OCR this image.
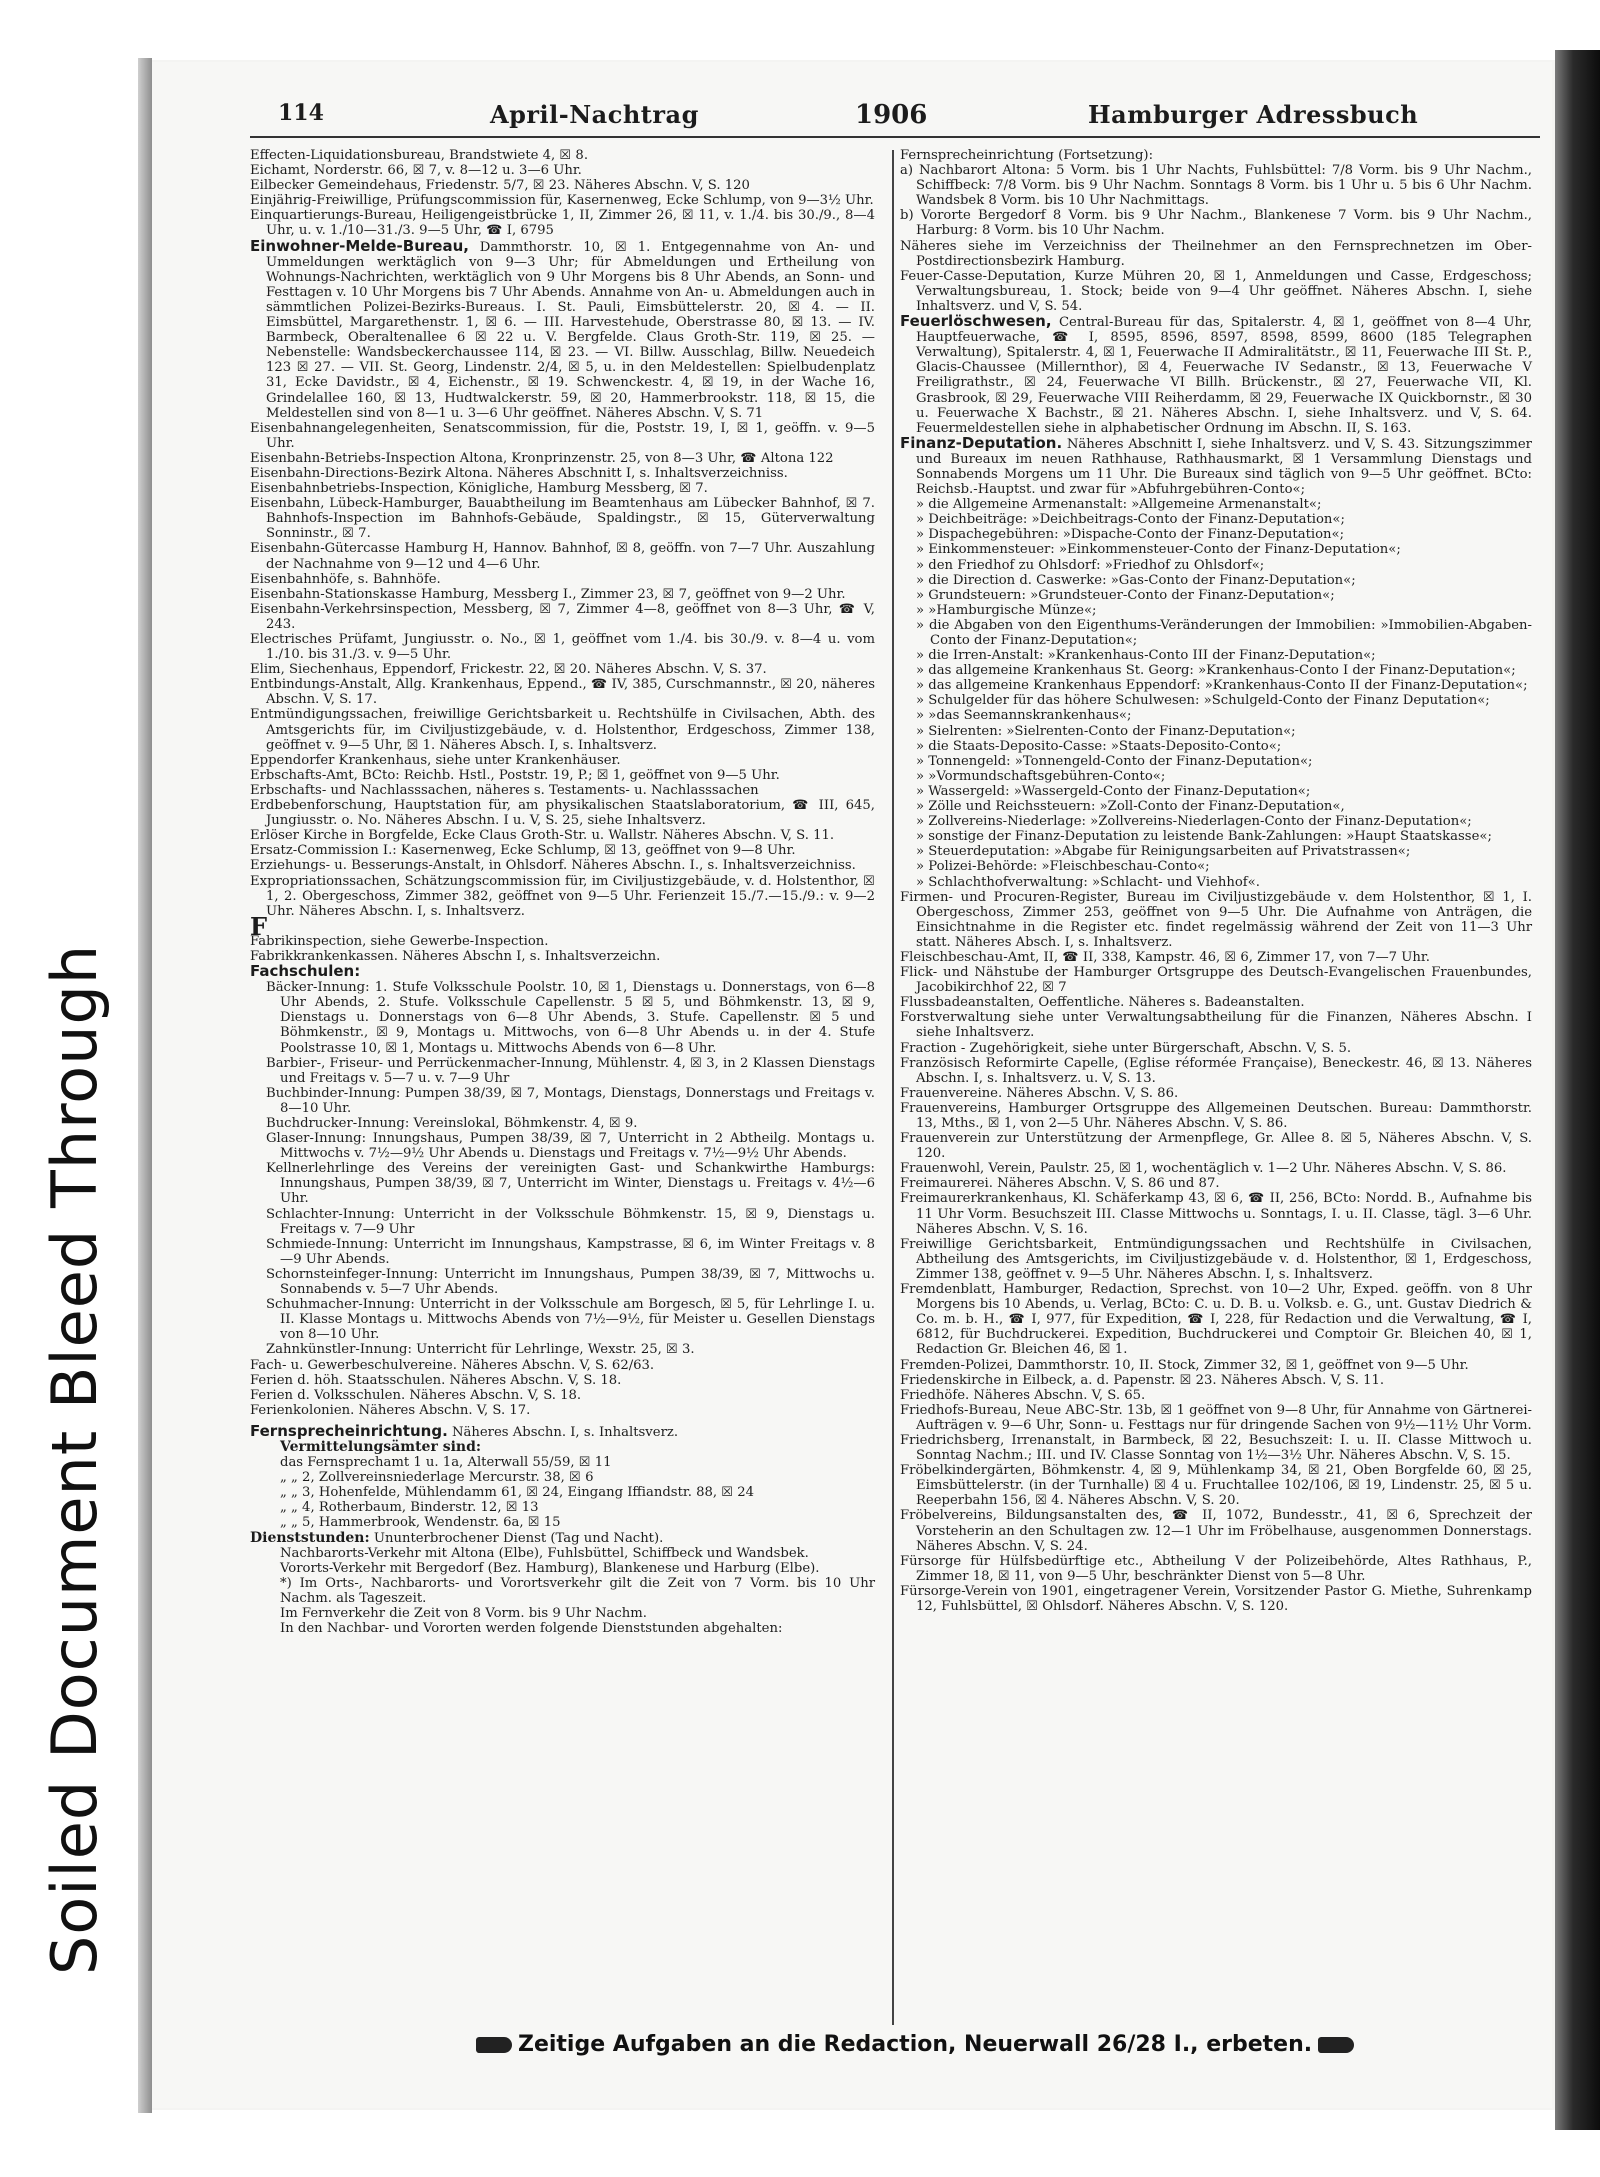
Soiled Document Bleed Through
114	April-Nachtrag	1906	Hamburger Adressbuch

Effecten-Liquidationsbureau, Brandstwiete 4, ☒ 8.

Eichamt, Norderstr. 66, ☒ 7, v. 8—12 u. 3—6 Uhr.

Eilbecker Gemeindehaus, Friedenstr. 5/7, ☒ 23. Näheres Abschn. V, S. 120

Einjährig-Freiwillige, Prüfungscommission für, Kasernenweg, Ecke Schlump, von 9—3½ Uhr.

Einquartierungs-Bureau, Heiligengeistbrücke 1, II, Zimmer 26, ☒ 11, v. 1./4. bis 30./9., 8—4 Uhr, u. v. 1./10—31./3. 9—5 Uhr, ☎ I, 6795

Einwohner-Melde-Bureau, Dammthorstr. 10, ☒ 1. Entgegennahme von An- und Ummeldungen werktäglich von 9—3 Uhr; für Abmeldungen und Ertheilung von Wohnungs-Nachrichten, werktäglich von 9 Uhr Morgens bis 8 Uhr Abends, an Sonn- und Festtagen v. 10 Uhr Morgens bis 7 Uhr Abends. Annahme von An- u. Abmeldungen auch in sämmtlichen Polizei-Bezirks-Bureaus. I. St. Pauli, Eimsbüttelerstr. 20, ☒ 4. — II. Eimsbüttel, Margarethenstr. 1, ☒ 6. — III. Harvestehude, Oberstrasse 80, ☒ 13. — IV. Barmbeck, Oberaltenallee 6 ☒ 22 u. V. Bergfelde. Claus Groth-Str. 119, ☒ 25. — Nebenstelle: Wandsbeckerchaussee 114, ☒ 23. — VI. Billw. Ausschlag, Billw. Neuedeich 123 ☒ 27. — VII. St. Georg, Lindenstr. 2/4, ☒ 5, u. in den Meldestellen: Spielbudenplatz 31, Ecke Davidstr., ☒ 4, Eichenstr., ☒ 19. Schwenckestr. 4, ☒ 19, in der Wache 16, Grindelallee 160, ☒ 13, Hudtwalckerstr. 59, ☒ 20, Hammerbrookstr. 118, ☒ 15, die Meldestellen sind von 8—1 u. 3—6 Uhr geöffnet. Näheres Abschn. V, S. 71

Eisenbahnangelegenheiten, Senatscommission, für die, Poststr. 19, I, ☒ 1, geöffn. v. 9—5 Uhr.

Eisenbahn-Betriebs-Inspection Altona, Kronprinzenstr. 25, von 8—3 Uhr, ☎ Altona 122

Eisenbahn-Directions-Bezirk Altona. Näheres Abschnitt I, s. Inhaltsverzeichniss.

Eisenbahnbetriebs-Inspection, Königliche, Hamburg Messberg, ☒ 7.

Eisenbahn, Lübeck-Hamburger, Bauabtheilung im Beamtenhaus am Lübecker Bahnhof, ☒ 7. Bahnhofs-Inspection im Bahnhofs-Gebäude, Spaldingstr., ☒ 15, Güterverwaltung Sonninstr., ☒ 7.

Eisenbahn-Gütercasse Hamburg H, Hannov. Bahnhof, ☒ 8, geöffn. von 7—7 Uhr. Auszahlung der Nachnahme von 9—12 und 4—6 Uhr.

Eisenbahnhöfe, s. Bahnhöfe.

Eisenbahn-Stationskasse Hamburg, Messberg I., Zimmer 23, ☒ 7, geöffnet von 9—2 Uhr.

Eisenbahn-Verkehrsinspection, Messberg, ☒ 7, Zimmer 4—8, geöffnet von 8—3 Uhr, ☎ V, 243.

Electrisches Prüfamt, Jungiusstr. o. No., ☒ 1, geöffnet vom 1./4. bis 30./9. v. 8—4 u. vom 1./10. bis 31./3. v. 9—5 Uhr.

Elim, Siechenhaus, Eppendorf, Frickestr. 22, ☒ 20. Näheres Abschn. V, S. 37.

Entbindungs-Anstalt, Allg. Krankenhaus, Eppend., ☎ IV, 385, Curschmannstr., ☒ 20, näheres Abschn. V, S. 17.

Entmündigungssachen, freiwillige Gerichtsbarkeit u. Rechtshülfe in Civilsachen, Abth. des Amtsgerichts für, im Civiljustizgebäude, v. d. Holstenthor, Erdgeschoss, Zimmer 138, geöffnet v. 9—5 Uhr, ☒ 1. Näheres Absch. I, s. Inhaltsverz.

Eppendorfer Krankenhaus, siehe unter Krankenhäuser.

Erbschafts-Amt, BCto: Reichb. Hstl., Poststr. 19, P.; ☒ 1, geöffnet von 9—5 Uhr.

Erbschafts- und Nachlasssachen, näheres s. Testaments- u. Nachlasssachen

Erdbebenforschung, Hauptstation für, am physikalischen Staatslaboratorium, ☎ III, 645, Jungiusstr. o. No. Näheres Abschn. I u. V, S. 25, siehe Inhaltsverz.

Erlöser Kirche in Borgfelde, Ecke Claus Groth-Str. u. Wallstr. Näheres Abschn. V, S. 11.

Ersatz-Commission I.: Kasernenweg, Ecke Schlump, ☒ 13, geöffnet von 9—8 Uhr.

Erziehungs- u. Besserungs-Anstalt, in Ohlsdorf. Näheres Abschn. I., s. Inhaltsverzeichniss.

Expropriationssachen, Schätzungscommission für, im Civiljustizgebäude, v. d. Holstenthor, ☒ 1, 2. Obergeschoss, Zimmer 382, geöffnet von 9—5 Uhr. Ferienzeit 15./7.—15./9.: v. 9—2 Uhr. Näheres Abschn. I, s. Inhaltsverz.

F

Fabrikinspection, siehe Gewerbe-Inspection.

Fabrikkrankenkassen. Näheres Abschn I, s. Inhaltsverzeichn.

Fachschulen:

Bäcker-Innung: 1. Stufe Volksschule Poolstr. 10, ☒ 1, Dienstags u. Donnerstags, von 6—8 Uhr Abends, 2. Stufe. Volksschule Capellenstr. 5 ☒ 5, und Böhmkenstr. 13, ☒ 9, Dienstags u. Donnerstags von 6—8 Uhr Abends, 3. Stufe. Capellenstr. ☒ 5 und Böhmkenstr., ☒ 9, Montags u. Mittwochs, von 6—8 Uhr Abends u. in der 4. Stufe Poolstrasse 10, ☒ 1, Montags u. Mittwochs Abends von 6—8 Uhr.

Barbier-, Friseur- und Perrückenmacher-Innung, Mühlenstr. 4, ☒ 3, in 2 Klassen Dienstags und Freitags v. 5—7 u. v. 7—9 Uhr

Buchbinder-Innung: Pumpen 38/39, ☒ 7, Montags, Dienstags, Donnerstags und Freitags v. 8—10 Uhr.

Buchdrucker-Innung: Vereinslokal, Böhmkenstr. 4, ☒ 9.

Glaser-Innung: Innungshaus, Pumpen 38/39, ☒ 7, Unterricht in 2 Abtheilg. Montags u. Mittwochs v. 7½—9½ Uhr Abends u. Dienstags und Freitags v. 7½—9½ Uhr Abends.

Kellnerlehrlinge des Vereins der vereinigten Gast- und Schankwirthe Hamburgs: Innungshaus, Pumpen 38/39, ☒ 7, Unterricht im Winter, Dienstags u. Freitags v. 4½—6 Uhr.

Schlachter-Innung: Unterricht in der Volksschule Böhmkenstr. 15, ☒ 9, Dienstags u. Freitags v. 7—9 Uhr

Schmiede-Innung: Unterricht im Innungshaus, Kampstrasse, ☒ 6, im Winter Freitags v. 8—9 Uhr Abends.

Schornsteinfeger-Innung: Unterricht im Innungshaus, Pumpen 38/39, ☒ 7, Mittwochs u. Sonnabends v. 5—7 Uhr Abends.

Schuhmacher-Innung: Unterricht in der Volksschule am Borgesch, ☒ 5, für Lehrlinge I. u. II. Klasse Montags u. Mittwochs Abends von 7½—9½, für Meister u. Gesellen Dienstags von 8—10 Uhr.

Zahnkünstler-Innung: Unterricht für Lehrlinge, Wexstr. 25, ☒ 3.

Fach- u. Gewerbeschulvereine. Näheres Abschn. V, S. 62/63.

Ferien d. höh. Staatsschulen. Näheres Abschn. V, S. 18.

Ferien d. Volksschulen. Näheres Abschn. V, S. 18.

Ferienkolonien. Näheres Abschn. V, S. 17.

Fernsprecheinrichtung. Näheres Abschn. I, s. Inhaltsverz.

Vermittelungsämter sind:

das Fernsprechamt 1 u. 1a, Alterwall 55/59, ☒ 11

„ „ 2, Zollvereinsniederlage Mercurstr. 38, ☒ 6

„ „ 3, Hohenfelde, Mühlendamm 61, ☒ 24, Eingang Iffiandstr. 88, ☒ 24

„ „ 4, Rotherbaum, Binderstr. 12, ☒ 13

„ „ 5, Hammerbrook, Wendenstr. 6a, ☒ 15

Dienststunden: Ununterbrochener Dienst (Tag und Nacht).

Nachbarorts-Verkehr mit Altona (Elbe), Fuhlsbüttel, Schiffbeck und Wandsbek.

Vororts-Verkehr mit Bergedorf (Bez. Hamburg), Blankenese und Harburg (Elbe).

*) Im Orts-, Nachbarorts- und Vorortsverkehr gilt die Zeit von 7 Vorm. bis 10 Uhr Nachm. als Tageszeit.

Im Fernverkehr die Zeit von 8 Vorm. bis 9 Uhr Nachm.

In den Nachbar- und Vororten werden folgende Dienststunden abgehalten:

Fernsprecheinrichtung (Fortsetzung):

a) Nachbarort Altona: 5 Vorm. bis 1 Uhr Nachts, Fuhlsbüttel: 7/8 Vorm. bis 9 Uhr Nachm., Schiffbeck: 7/8 Vorm. bis 9 Uhr Nachm. Sonntags 8 Vorm. bis 1 Uhr u. 5 bis 6 Uhr Nachm. Wandsbek 8 Vorm. bis 10 Uhr Nachmittags.

b) Vororte Bergedorf 8 Vorm. bis 9 Uhr Nachm., Blankenese 7 Vorm. bis 9 Uhr Nachm., Harburg: 8 Vorm. bis 10 Uhr Nachm.

Näheres siehe im Verzeichniss der Theilnehmer an den Fernsprechnetzen im Ober-Postdirectionsbezirk Hamburg.

Feuer-Casse-Deputation, Kurze Mühren 20, ☒ 1, Anmeldungen und Casse, Erdgeschoss; Verwaltungsbureau, 1. Stock; beide von 9—4 Uhr geöffnet. Näheres Abschn. I, siehe Inhaltsverz. und V, S. 54.

Feuerlöschwesen, Central-Bureau für das, Spitalerstr. 4, ☒ 1, geöffnet von 8—4 Uhr, Hauptfeuerwache, ☎ I, 8595, 8596, 8597, 8598, 8599, 8600 (185 Telegraphen Verwaltung), Spitalerstr. 4, ☒ 1, Feuerwache II Admiralitätstr., ☒ 11, Feuerwache III St. P., Glacis-Chaussee (Millernthor), ☒ 4, Feuerwache IV Sedanstr., ☒ 13, Feuerwache V Freiligrathstr., ☒ 24, Feuerwache VI Billh. Brückenstr., ☒ 27, Feuerwache VII, Kl. Grasbrook, ☒ 29, Feuerwache VIII Reiherdamm, ☒ 29, Feuerwache IX Quickbornstr., ☒ 30 u. Feuerwache X Bachstr., ☒ 21. Näheres Abschn. I, siehe Inhaltsverz. und V, S. 64. Feuermeldestellen siehe in alphabetischer Ordnung im Abschn. II, S. 163.

Finanz-Deputation. Näheres Abschnitt I, siehe Inhaltsverz. und V, S. 43. Sitzungszimmer und Bureaux im neuen Rathhause, Rathhausmarkt, ☒ 1 Versammlung Dienstags und Sonnabends Morgens um 11 Uhr. Die Bureaux sind täglich von 9—5 Uhr geöffnet. BCto: Reichsb.-Hauptst. und zwar für »Abfuhrgebühren-Conto«;

» die Allgemeine Armenanstalt: »Allgemeine Armenanstalt«;

» Deichbeiträge: »Deichbeitrags-Conto der Finanz-Deputation«;

» Dispachegebühren: »Dispache-Conto der Finanz-Deputation«;

» Einkommensteuer: »Einkommensteuer-Conto der Finanz-Deputation«;

» den Friedhof zu Ohlsdorf: »Friedhof zu Ohlsdorf«;

» die Direction d. Caswerke: »Gas-Conto der Finanz-Deputation«;

» Grundsteuern: »Grundsteuer-Conto der Finanz-Deputation«;

» »Hamburgische Münze«;

» die Abgaben von den Eigenthums-Veränderungen der Immobilien: »Immobilien-Abgaben-Conto der Finanz-Deputation«;

» die Irren-Anstalt: »Krankenhaus-Conto III der Finanz-Deputation«;

» das allgemeine Krankenhaus St. Georg: »Krankenhaus-Conto I der Finanz-Deputation«;

» das allgemeine Krankenhaus Eppendorf: »Krankenhaus-Conto II der Finanz-Deputation«;

» Schulgelder für das höhere Schulwesen: »Schulgeld-Conto der Finanz Deputation«;

» »das Seemannskrankenhaus«;

» Sielrenten: »Sielrenten-Conto der Finanz-Deputation«;

» die Staats-Deposito-Casse: »Staats-Deposito-Conto«;

» Tonnengeld: »Tonnengeld-Conto der Finanz-Deputation«;

» »Vormundschaftsgebühren-Conto«;

» Wassergeld: »Wassergeld-Conto der Finanz-Deputation«;

» Zölle und Reichssteuern: »Zoll-Conto der Finanz-Deputation«,

» Zollvereins-Niederlage: »Zollvereins-Niederlagen-Conto der Finanz-Deputation«;

» sonstige der Finanz-Deputation zu leistende Bank-Zahlungen: »Haupt Staatskasse«;

» Steuerdeputation: »Abgabe für Reinigungsarbeiten auf Privatstrassen«;

» Polizei-Behörde: »Fleischbeschau-Conto«;

» Schlachthofverwaltung: »Schlacht- und Viehhof«.

Firmen- und Procuren-Register, Bureau im Civiljustizgebäude v. dem Holstenthor, ☒ 1, I. Obergeschoss, Zimmer 253, geöffnet von 9—5 Uhr. Die Aufnahme von Anträgen, die Einsichtnahme in die Register etc. findet regelmässig während der Zeit von 11—3 Uhr statt. Näheres Absch. I, s. Inhaltsverz.

Fleischbeschau-Amt, II, ☎ II, 338, Kampstr. 46, ☒ 6, Zimmer 17, von 7—7 Uhr.

Flick- und Nähstube der Hamburger Ortsgruppe des Deutsch-Evangelischen Frauenbundes, Jacobikirchhof 22, ☒ 7

Flussbadeanstalten, Oeffentliche. Näheres s. Badeanstalten.

Forstverwaltung siehe unter Verwaltungsabtheilung für die Finanzen, Näheres Abschn. I siehe Inhaltsverz.

Fraction - Zugehörigkeit, siehe unter Bürgerschaft, Abschn. V, S. 5.

Französisch Reformirte Capelle, (Eglise réformée Française), Beneckestr. 46, ☒ 13. Näheres Abschn. I, s. Inhaltsverz. u. V, S. 13.

Frauenvereine. Näheres Abschn. V, S. 86.

Frauenvereins, Hamburger Ortsgruppe des Allgemeinen Deutschen. Bureau: Dammthorstr. 13, Mths., ☒ 1, von 2—5 Uhr. Näheres Abschn. V, S. 86.

Frauenverein zur Unterstützung der Armenpflege, Gr. Allee 8. ☒ 5, Näheres Abschn. V, S. 120.

Frauenwohl, Verein, Paulstr. 25, ☒ 1, wochentäglich v. 1—2 Uhr. Näheres Abschn. V, S. 86.

Freimaurerei. Näheres Abschn. V, S. 86 und 87.

Freimaurerkrankenhaus, Kl. Schäferkamp 43, ☒ 6, ☎ II, 256, BCto: Nordd. B., Aufnahme bis 11 Uhr Vorm. Besuchszeit III. Classe Mittwochs u. Sonntags, I. u. II. Classe, tägl. 3—6 Uhr. Näheres Abschn. V, S. 16.

Freiwillige Gerichtsbarkeit, Entmündigungssachen und Rechtshülfe in Civilsachen, Abtheilung des Amtsgerichts, im Civiljustizgebäude v. d. Holstenthor, ☒ 1, Erdgeschoss, Zimmer 138, geöffnet v. 9—5 Uhr. Näheres Abschn. I, s. Inhaltsverz.

Fremdenblatt, Hamburger, Redaction, Sprechst. von 10—2 Uhr, Exped. geöffn. von 8 Uhr Morgens bis 10 Abends, u. Verlag, BCto: C. u. D. B. u. Volksb. e. G., unt. Gustav Diedrich & Co. m. b. H., ☎ I, 977, für Expedition, ☎ I, 228, für Redaction und die Verwaltung, ☎ I, 6812, für Buchdruckerei. Expedition, Buchdruckerei und Comptoir Gr. Bleichen 40, ☒ 1, Redaction Gr. Bleichen 46, ☒ 1.

Fremden-Polizei, Dammthorstr. 10, II. Stock, Zimmer 32, ☒ 1, geöffnet von 9—5 Uhr.

Friedenskirche in Eilbeck, a. d. Papenstr. ☒ 23. Näheres Absch. V, S. 11.

Friedhöfe. Näheres Abschn. V, S. 65.

Friedhofs-Bureau, Neue ABC-Str. 13b, ☒ 1 geöffnet von 9—8 Uhr, für Annahme von Gärtnerei-Aufträgen v. 9—6 Uhr, Sonn- u. Festtags nur für dringende Sachen von 9½—11½ Uhr Vorm.

Friedrichsberg, Irrenanstalt, in Barmbeck, ☒ 22, Besuchszeit: I. u. II. Classe Mittwoch u. Sonntag Nachm.; III. und IV. Classe Sonntag von 1½—3½ Uhr. Näheres Abschn. V, S. 15.

Fröbelkindergärten, Böhmkenstr. 4, ☒ 9, Mühlenkamp 34, ☒ 21, Oben Borgfelde 60, ☒ 25, Eimsbüttelerstr. (in der Turnhalle) ☒ 4 u. Fruchtallee 102/106, ☒ 19, Lindenstr. 25, ☒ 5 u. Reeperbahn 156, ☒ 4. Näheres Abschn. V, S. 20.

Fröbelvereins, Bildungsanstalten des, ☎ II, 1072, Bundesstr., 41, ☒ 6, Sprechzeit der Vorsteherin an den Schultagen zw. 12—1 Uhr im Fröbelhause, ausgenommen Donnerstags. Näheres Abschn. V, S. 24.

Fürsorge für Hülfsbedürftige etc., Abtheilung V der Polizeibehörde, Altes Rathhaus, P., Zimmer 18, ☒ 11, von 9—5 Uhr, beschränkter Dienst von 5—8 Uhr.

Fürsorge-Verein von 1901, eingetragener Verein, Vorsitzender Pastor G. Miethe, Suhrenkamp 12, Fuhlsbüttel, ☒ Ohlsdorf. Näheres Abschn. V, S. 120.

Zeitige Aufgaben an die Redaction, Neuerwall 26/28 I., erbeten.
